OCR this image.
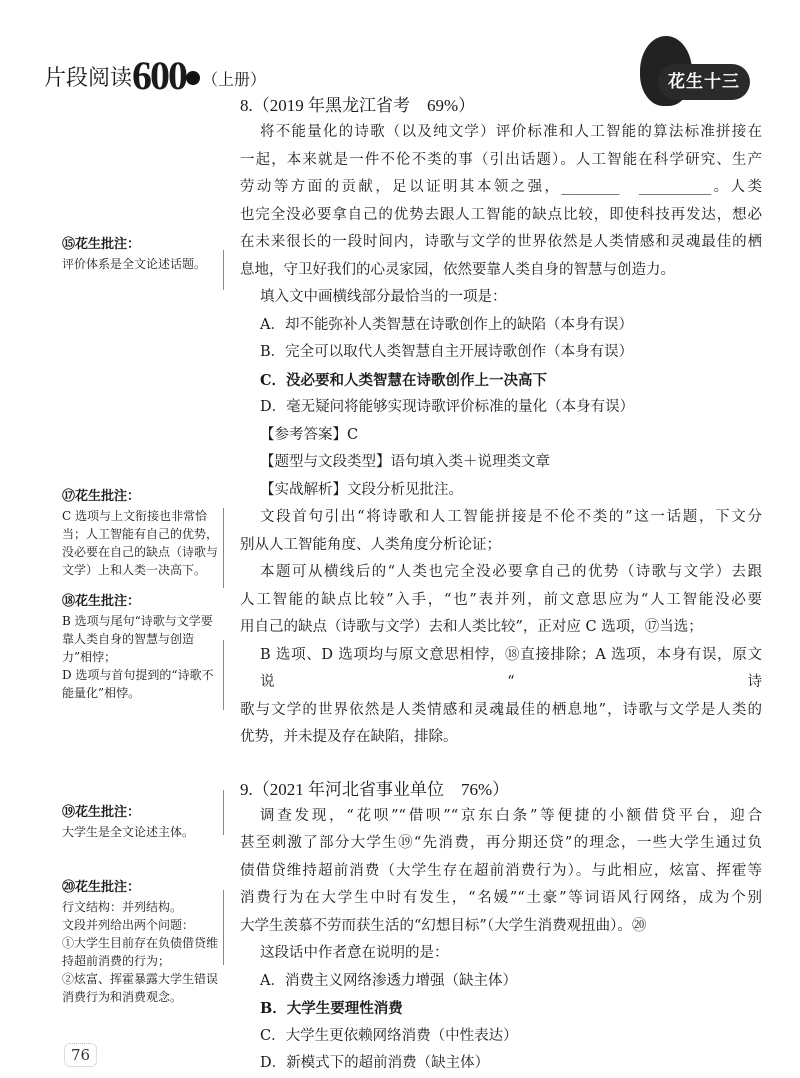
片段阅读600 （上册）	花生十三
8.（2019 年黑龙江省考　69%）
将不能量化的诗歌（以及纯文学）评价标准和人工智能的算法标准拼接在
一起，本来就是一件不伦不类的事（引出话题）。人工智能在科学研究、生产
劳动等方面的贡献，足以证明其本领之强，________　__________。人类
也完全没必要拿自己的优势去跟人工智能的缺点比较，即使科技再发达，想必
在未来很长的一段时间内，诗歌与文学的世界依然是人类情感和灵魂最佳的栖
息地，守卫好我们的心灵家园，依然要靠人类自身的智慧与创造力。
填入文中画横线部分最恰当的一项是：
A．却不能弥补人类智慧在诗歌创作上的缺陷（本身有误）
B．完全可以取代人类智慧自主开展诗歌创作（本身有误）
C．没必要和人类智慧在诗歌创作上一决高下
D．毫无疑问将能够实现诗歌评价标准的量化（本身有误）
【参考答案】C
【题型与文段类型】语句填入类＋说理类文章
【实战解析】文段分析见批注。
文段首句引出“将诗歌和人工智能拼接是不伦不类的”这一话题，下文分
别从人工智能角度、人类角度分析论证；
本题可从横线后的“人类也完全没必要拿自己的优势（诗歌与文学）去跟
人工智能的缺点比较”入手，“也”表并列，前文意思应为“人工智能没必要
用自己的缺点（诗歌与文学）去和人类比较”，正对应 C 选项，⑰当选；
B 选项、D 选项均与原文意思相悖，⑱直接排除；A 选项，本身有误，原文说“诗
歌与文学的世界依然是人类情感和灵魂最佳的栖息地”，诗歌与文学是人类的
优势，并未提及存在缺陷，排除。
9.（2021 年河北省事业单位　76%）
调查发现，“花呗”“借呗”“京东白条”等便捷的小额借贷平台，迎合
甚至刺激了部分大学生⑲“先消费，再分期还贷”的理念，一些大学生通过负
债借贷维持超前消费（大学生存在超前消费行为）。与此相应，炫富、挥霍等
消费行为在大学生中时有发生，“名媛”“土豪”等词语风行网络，成为个别
大学生羡慕不劳而获生活的“幻想目标”（大学生消费观扭曲）。⑳
这段话中作者意在说明的是：
A．消费主义网络渗透力增强（缺主体）
B．大学生要理性消费
C．大学生更依赖网络消费（中性表达）
D．新模式下的超前消费（缺主体）
⑮花生批注：
评价体系是全文论述话题。
⑰花生批注：
C 选项与上文衔接也非常恰当；人工智能有自己的优势，没必要在自己的缺点（诗歌与文学）上和人类一决高下。
⑱花生批注：
B 选项与尾句“诗歌与文学要靠人类自身的智慧与创造力”相悖；
D 选项与首句提到的“诗歌不能量化”相悖。
⑲花生批注：
大学生是全文论述主体。
⑳花生批注：
行文结构：并列结构。
文段并列给出两个问题：
①大学生目前存在负债借贷维持超前消费的行为；
②炫富、挥霍暴露大学生错误消费行为和消费观念。
76
